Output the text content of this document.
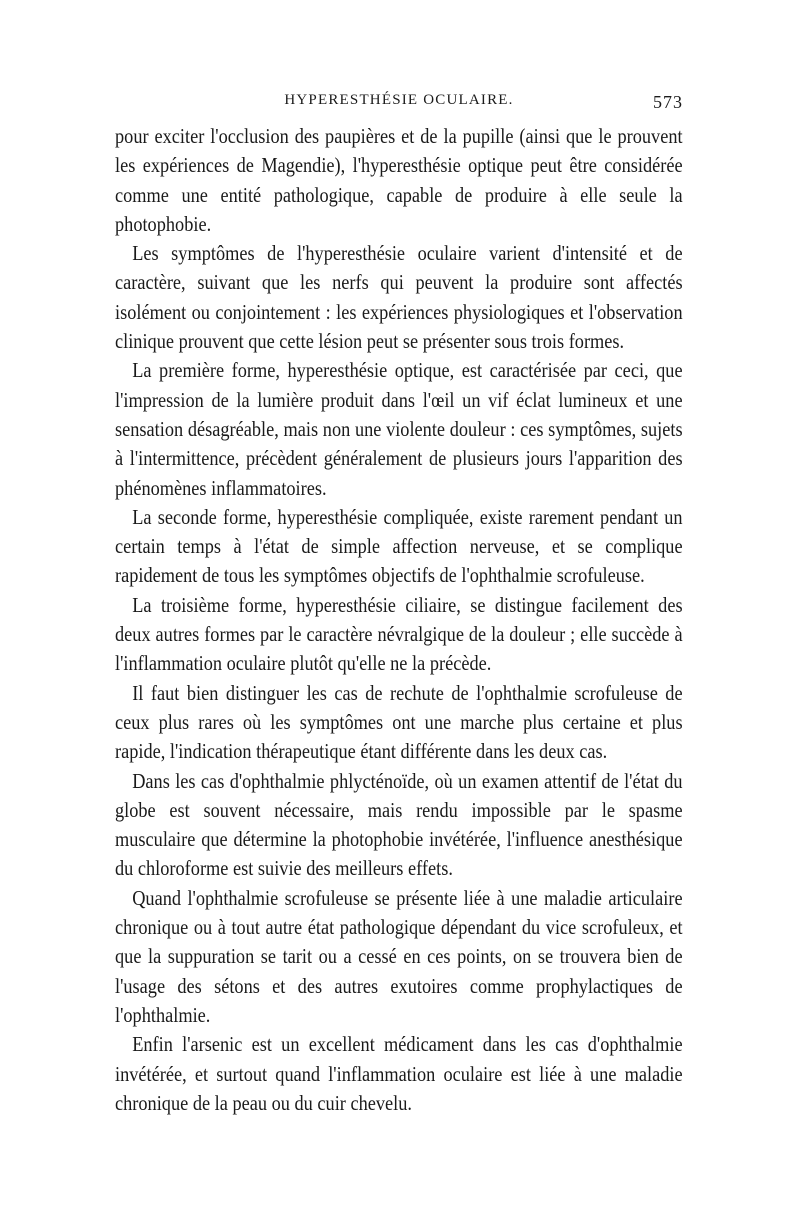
HYPERESTHÉSIE OCULAIRE.	573

pour exciter l'occlusion des paupières et de la pupille (ainsi que le prouvent les expériences de Magendie), l'hyperesthésie optique peut être considérée comme une entité pathologique, capable de produire à elle seule la photophobie.

Les symptômes de l'hyperesthésie oculaire varient d'intensité et de caractère, suivant que les nerfs qui peuvent la produire sont affectés isolément ou conjointement : les expériences physiologiques et l'observation clinique prouvent que cette lésion peut se présenter sous trois formes.

La première forme, hyperesthésie optique, est caractérisée par ceci, que l'impression de la lumière produit dans l'œil un vif éclat lumineux et une sensation désagréable, mais non une violente douleur : ces symptômes, sujets à l'intermittence, précèdent généralement de plusieurs jours l'apparition des phénomènes inflammatoires.

La seconde forme, hyperesthésie compliquée, existe rarement pendant un certain temps à l'état de simple affection nerveuse, et se complique rapidement de tous les symptômes objectifs de l'ophthalmie scrofuleuse.

La troisième forme, hyperesthésie ciliaire, se distingue facilement des deux autres formes par le caractère névralgique de la douleur ; elle succède à l'inflammation oculaire plutôt qu'elle ne la précède.

Il faut bien distinguer les cas de rechute de l'ophthalmie scrofuleuse de ceux plus rares où les symptômes ont une marche plus certaine et plus rapide, l'indication thérapeutique étant différente dans les deux cas.

Dans les cas d'ophthalmie phlycténoïde, où un examen attentif de l'état du globe est souvent nécessaire, mais rendu impossible par le spasme musculaire que détermine la photophobie invétérée, l'influence anesthésique du chloroforme est suivie des meilleurs effets.

Quand l'ophthalmie scrofuleuse se présente liée à une maladie articulaire chronique ou à tout autre état pathologique dépendant du vice scrofuleux, et que la suppuration se tarit ou a cessé en ces points, on se trouvera bien de l'usage des sétons et des autres exutoires comme prophylactiques de l'ophthalmie.

Enfin l'arsenic est un excellent médicament dans les cas d'ophthalmie invétérée, et surtout quand l'inflammation oculaire est liée à une maladie chronique de la peau ou du cuir chevelu.
